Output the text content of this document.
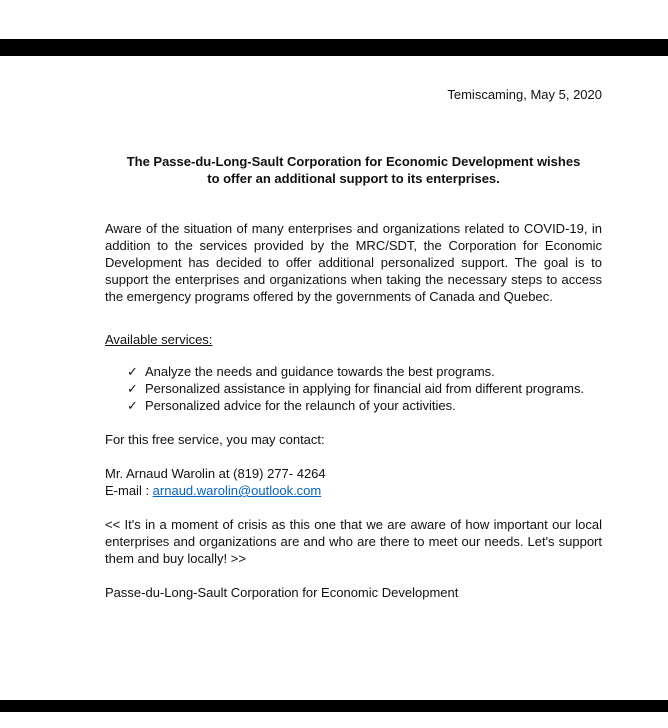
Temiscaming, May 5, 2020

The Passe-du-Long-Sault Corporation for Economic Development wishes to offer an additional support to its enterprises.

Aware of the situation of many enterprises and organizations related to COVID-19, in addition to the services provided by the MRC/SDT, the Corporation for Economic Development has decided to offer additional personalized support. The goal is to support the enterprises and organizations when taking the necessary steps to access the emergency programs offered by the governments of Canada and Quebec.

Available services:

✓ Analyze the needs and guidance towards the best programs.
✓ Personalized assistance in applying for financial aid from different programs.
✓ Personalized advice for the relaunch of your activities.

For this free service, you may contact:

Mr. Arnaud Warolin at (819) 277- 4264

E-mail : arnaud.warolin@outlook.com

<< It's in a moment of crisis as this one that we are aware of how important our local enterprises and organizations are and who are there to meet our needs. Let's support them and buy locally! >>

Passe-du-Long-Sault Corporation for Economic Development
